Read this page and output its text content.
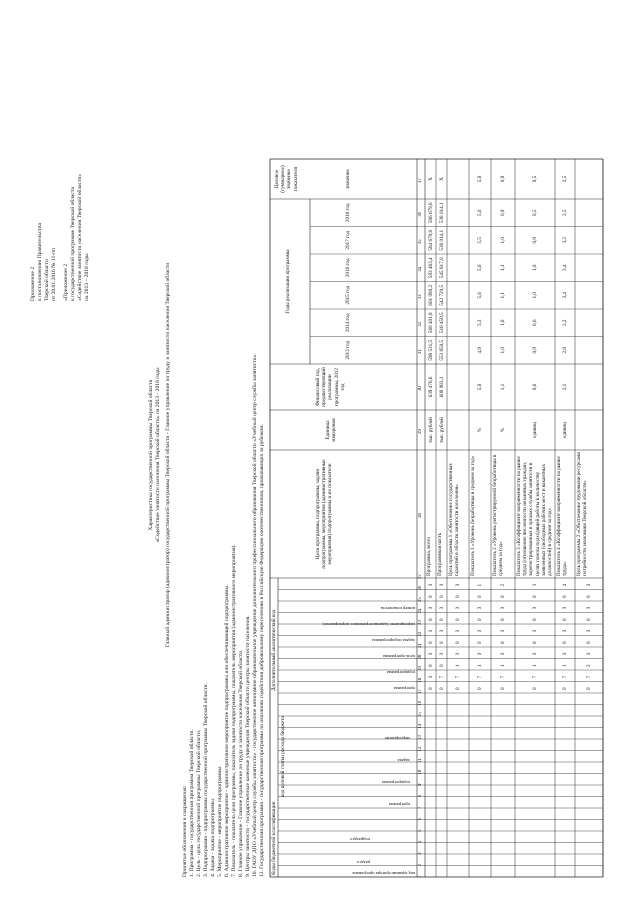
Приложение 2 к постановлению Правительства Тверской области от 20.01.2016 № 11-пп «Приложение 2 к государственной программе Тверской области «Содействие занятости населения Тверской области» на 2013 – 2018 годы
Характеристика государственной программы Тверской области «Содействие занятости населения Тверской области» на 2013 - 2018 годы Главный администратор (администратор) государственной программы Тверской области - Главное управление по труду и занятости населения Тверской области
Принятые обозначения и сокращения: 1. Программа - государственная программа Тверской области. 2. Цель - цель государственной программы Тверской области. 3. Подпрограмма - подпрограмма государственной программы Тверской области. 4. Задача - задача подпрограммы. 5. Мероприятие - мероприятие подпрограммы. 6. Административное мероприятие - административное мероприятие подпрограммы или обеспечивающей подпрограммы. 7. Показатель - показатель цели программы, показатель задачи подпрограммы, показатель мероприятия (административного мероприятия). 8. Главное управление - Главное управление по труду и занятости населения Тверской области. 9. Центры занятости - государственные казенные учреждения Тверской области центры занятости населения. 10. ГАОУ ДПО «Учебный центр службы занятости» - государственное автономное образовательное учреждение дополнительного профессионального образования Тверской области «Учебный центр службы занятости». 11. Государственная программа - государственная программа по оказанию содействия добровольному переселению в Российскую Федерацию соотечественников, проживающих за рубежом. Коды бюджетной классификации
Дополнительный аналитический код
Цели программы, подпрограммы, задачи подпрограммы, мероприятия (административные мероприятия) подпрограммы и их показатели
Единица измерения
Финансовый год, предшествующий реализации программы, 2012 год
Годы реализации программы
2013 год
2014 год
2015 год
2016 год
2017 год
2018 год
Целевое (суммарное) значение показателя	значение
код администратора программы
раздел
подраздел
код целевой статьи расхода бюджета
программа
подпрограмма
задача
мероприятие
программа
подпрограмма
цель программы
задача подпрограммы
мероприятие (административное мероприятие)
номер показателя
1
2
3
4
5
6
7
8
9
10
11
12
13
14
15
16
17
18
19
20
21
22
23
24
25
26
27
28
29
30
31
32
33
34
35
36
37
0
0
0
0
0
0
0
0
0
0
Программа, всего
тыс. рублей
639 476,6
598 531,5
560 401,8
601 090,2
593 483,4
584 679,8
586 679,8
X
0
7
0
0
0
0
0
0
0
0
Программная часть
тыс. рублей
600 083,1
553 850,5
516 450,5
542 720,5
545 817,0
538 014,1
538 014,1
X
0
7
1
0
0
0
0
0
0
0
Цель программы 1 «Обеспечение государственных гарантий в области занятости населения»
0
7
1
0
0
0
0
0
0
1
Показатель 1 «Уровень безработицы в среднем за год»
%
5,0
4,9
5,3
5,6
5,6
5,5
5,0
5,0
0
7
1
0
0
0
0
0
0
2
Показатель 2 «Уровень регистрируемой безработицы в среднем за год»
%
1,1
1,0
1,0
1,1
1,1
1,0
0,9
0,9
0
7
1
0
0
0
0
0
0
3
Показатель 3 «Коэффициент напряженности на рынке труда (отношение численности незанятых граждан, зарегистрированных в органах службы занятости в целях поиска подходящей работы к количеству заявленных (свободных рабочих мест и вакантных должностей) в среднем за год»
единиц
0,6
0,9
0,6
1,0
1,0
0,9
0,5
0,5
0
7
1
0
0
0
0
0
0
4
Показатель 4 «Коэффициент напряженности на рынке труда»
единиц
2,1
2,8
2,2
3,4
3,4
3,2
2,5
2,5
0
7
2
0
0
0
0
0
0
0
Цель программы 2 «Обеспечение трудовыми ресурсами потребности экономики Тверской области»
